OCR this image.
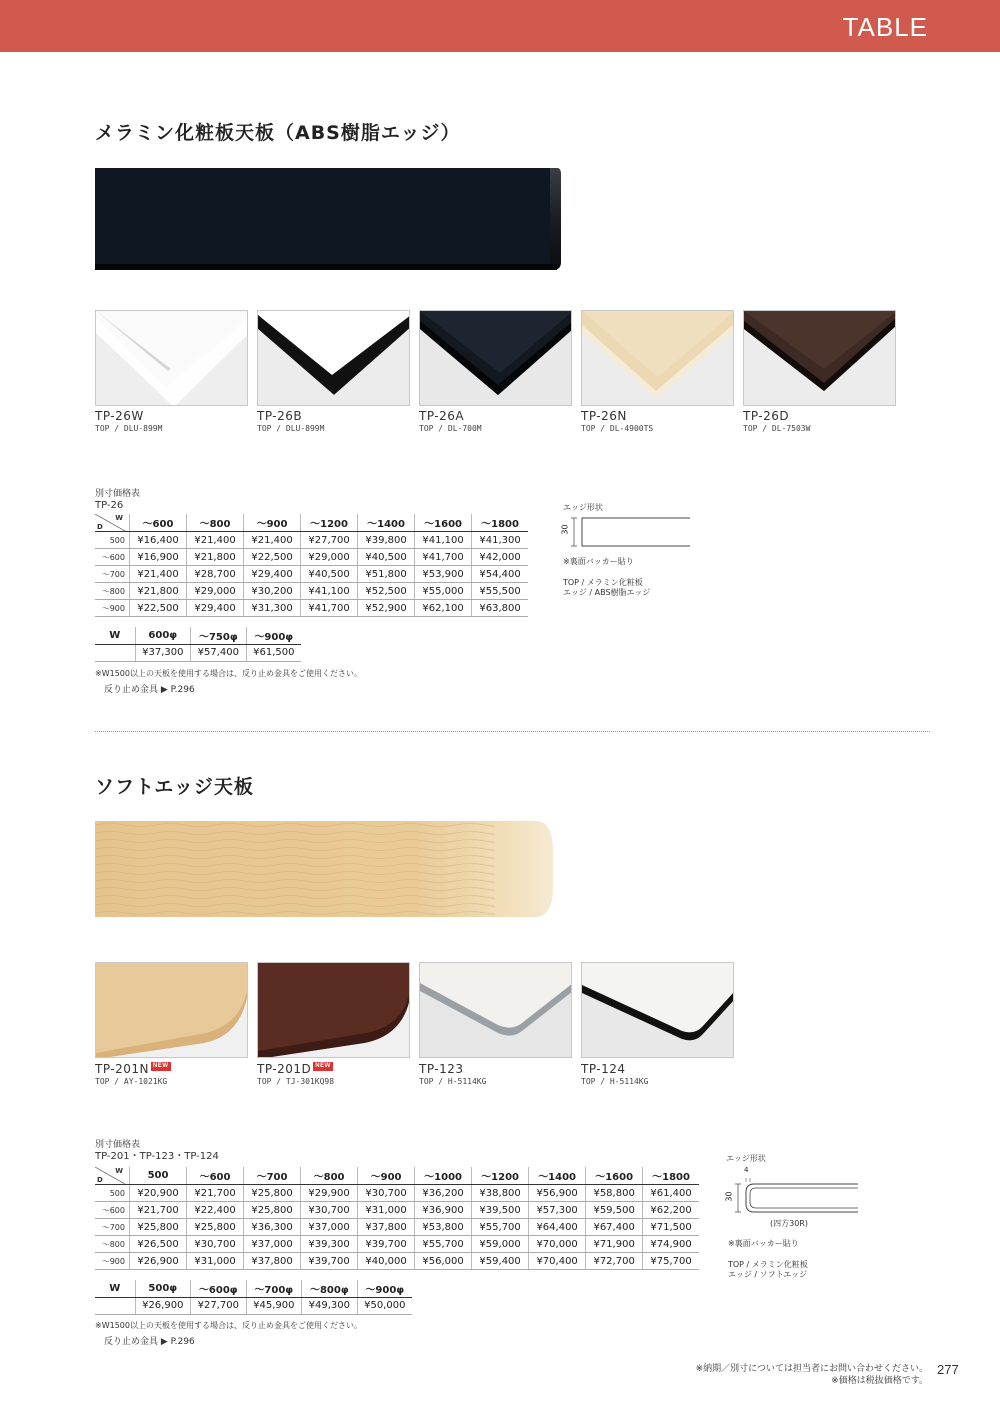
TABLE
メラミン化粧板天板（ABS樹脂エッジ）
TP-26W
TOP / DLU-899M
TP-26B
TOP / DLU-899M
TP-26A
TOP / DL-700M
TP-26N
TOP / DL-4900TS
TP-26D
TOP / DL-7503W
別寸価格表
TP-26
W
D	～600	～800	～900	～1200	～1400	～1600	～1800
500	¥16,400	¥21,400	¥21,400	¥27,700	¥39,800	¥41,100	¥41,300
～600	¥16,900	¥21,800	¥22,500	¥29,000	¥40,500	¥41,700	¥42,000
～700	¥21,400	¥28,700	¥29,400	¥40,500	¥51,800	¥53,900	¥54,400
～800	¥21,800	¥29,000	¥30,200	¥41,100	¥52,500	¥55,000	¥55,500
～900	¥22,500	¥29,400	¥31,300	¥41,700	¥52,900	¥62,100	¥63,800
W	600φ	～750φ	～900φ
	¥37,300	¥57,400	¥61,500
※W1500以上の天板を使用する場合は、反り止め金具をご使用ください。
反り止め金具 ▶ P.296
エッジ形状
30
※裏面バッカー貼り
TOP / メラミン化粧板
エッジ / ABS樹脂エッジ
ソフトエッジ天板
TP-201N NEW
TOP / AY-1021KG
TP-201D NEW
TOP / TJ-301KQ98
TP-123
TOP / H-5114KG
TP-124
TOP / H-5114KG
別寸価格表
TP-201・TP-123・TP-124
W
D	500	～600	～700	～800	～900	～1000	～1200	～1400	～1600	～1800
500	¥20,900	¥21,700	¥25,800	¥29,900	¥30,700	¥36,200	¥38,800	¥56,900	¥58,800	¥61,400
～600	¥21,700	¥22,400	¥25,800	¥30,700	¥31,000	¥36,900	¥39,500	¥57,300	¥59,500	¥62,200
～700	¥25,800	¥25,800	¥36,300	¥37,000	¥37,800	¥53,800	¥55,700	¥64,400	¥67,400	¥71,500
～800	¥26,500	¥30,700	¥37,000	¥39,300	¥39,700	¥55,700	¥59,000	¥70,000	¥71,900	¥74,900
～900	¥26,900	¥31,000	¥37,800	¥39,700	¥40,000	¥56,000	¥59,400	¥70,400	¥72,700	¥75,700
W	500φ	～600φ	～700φ	～800φ	～900φ
	¥26,900	¥27,700	¥45,900	¥49,300	¥50,000
※W1500以上の天板を使用する場合は、反り止め金具をご使用ください。
反り止め金具 ▶ P.296
エッジ形状
4
30
(四方30R)
※裏面バッカー貼り
TOP / メラミン化粧板
エッジ / ソフトエッジ
※納期／別寸については担当者にお問い合わせください。
※価格は税抜価格です。
277
